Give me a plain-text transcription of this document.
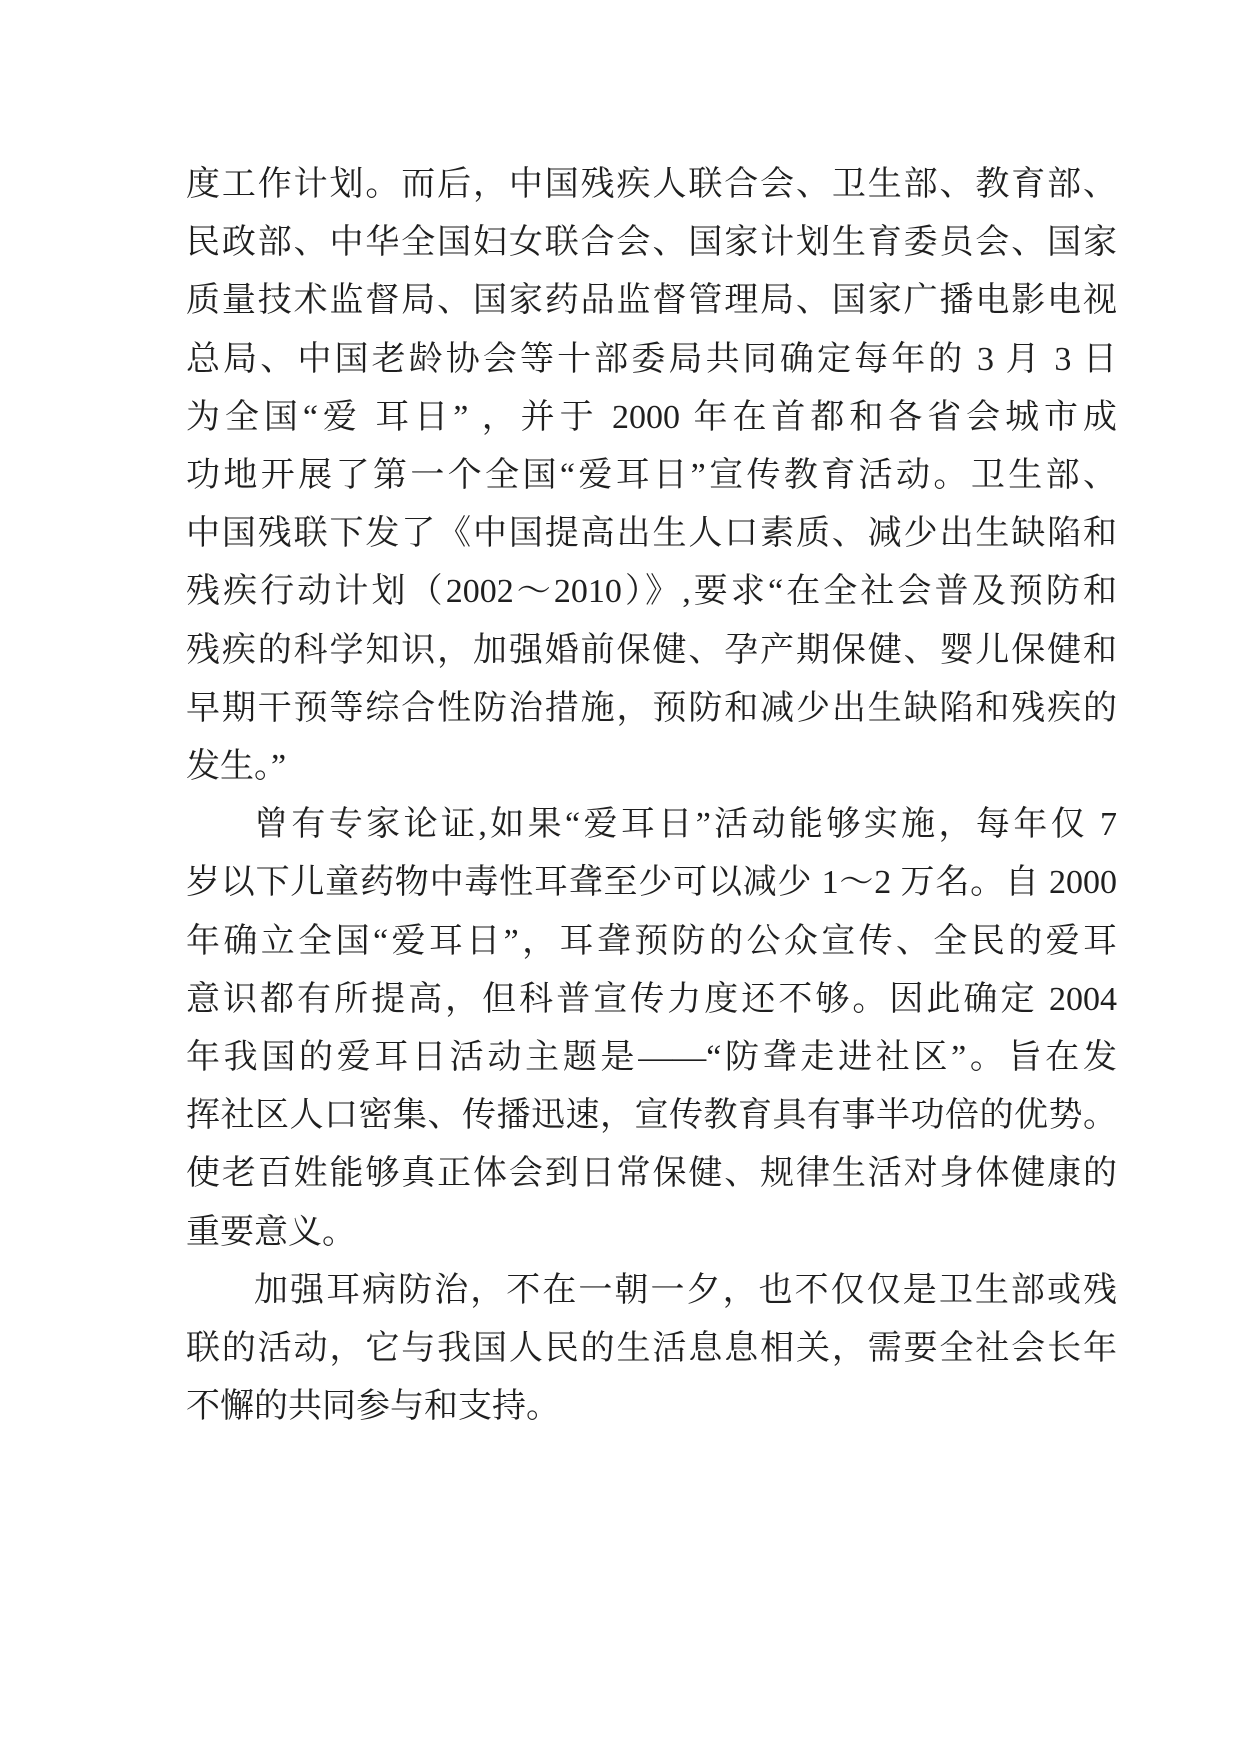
度工作计划。而后，中国残疾人联合会、卫生部、教育部、
民政部、中华全国妇女联合会、国家计划生育委员会、国家
质量技术监督局、国家药品监督管理局、国家广播电影电视
总局、中国老龄协会等十部委局共同确定每年的 3 月 3 日
为全国“爱 耳日” ，并于 2000 年在首都和各省会城市成
功地开展了第一个全国“爱耳日”宣传教育活动。卫生部、
中国残联下发了《中国提高出生人口素质、减少出生缺陷和
残疾行动计划（2002～2010）》,要求“在全社会普及预防和
残疾的科学知识，加强婚前保健、孕产期保健、婴儿保健和
早期干预等综合性防治措施，预防和减少出生缺陷和残疾的
发生。”
曾有专家论证,如果“爱耳日”活动能够实施，每年仅 7
岁以下儿童药物中毒性耳聋至少可以减少 1～2 万名。自 2000
年确立全国“爱耳日”，耳聋预防的公众宣传、全民的爱耳
意识都有所提高，但科普宣传力度还不够。因此确定 2004
年我国的爱耳日活动主题是——“防聋走进社区”。旨在发
挥社区人口密集、传播迅速，宣传教育具有事半功倍的优势。
使老百姓能够真正体会到日常保健、规律生活对身体健康的
重要意义。
加强耳病防治，不在一朝一夕，也不仅仅是卫生部或残
联的活动，它与我国人民的生活息息相关，需要全社会长年
不懈的共同参与和支持。
